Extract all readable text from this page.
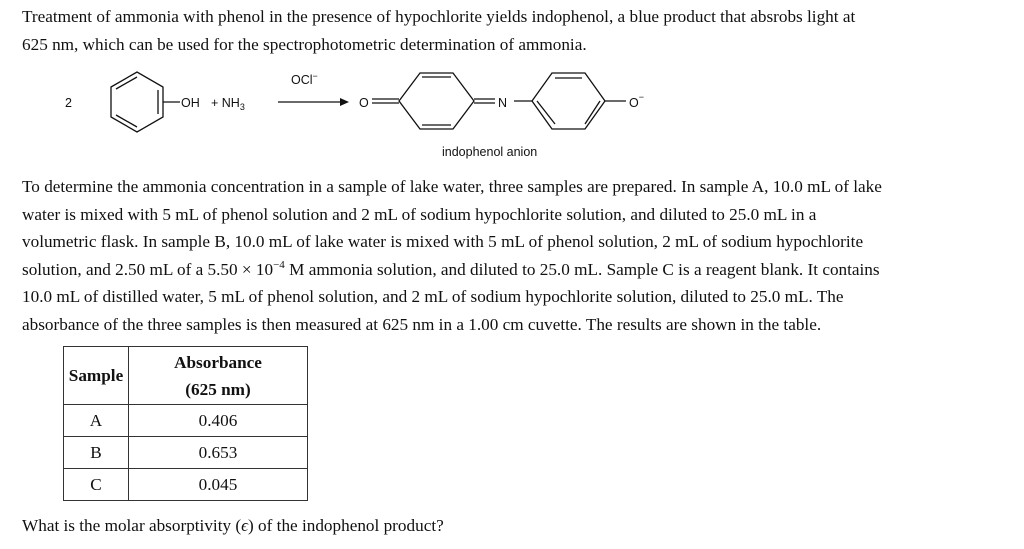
Treatment of ammonia with phenol in the presence of hypochlorite yields indophenol, a blue product that absrobs light at
625 nm, which can be used for the spectrophotometric determination of ammonia.

2	OH + $NH_3$
OCl−
O	N	O−
indophenol anion

To determine the ammonia concentration in a sample of lake water, three samples are prepared. In sample A, 10.0 mL of lake
water is mixed with 5 mL of phenol solution and 2 mL of sodium hypochlorite solution, and diluted to 25.0 mL in a
volumetric flask. In sample B, 10.0 mL of lake water is mixed with 5 mL of phenol solution, 2 mL of sodium hypochlorite
solution, and 2.50 mL of a $5.50 \times 10^{-4}$ M ammonia solution, and diluted to 25.0 mL. Sample C is a reagent blank. It contains
10.0 mL of distilled water, 5 mL of phenol solution, and 2 mL of sodium hypochlorite solution, diluted to 25.0 mL. The
absorbance of the three samples is then measured at 625 nm in a 1.00 cm cuvette. The results are shown in the table.

Sample	Absorbance
(625 nm)

A	0.406
B	0.653
C	0.045

What is the molar absorptivity (ϵ) of the indophenol product?
